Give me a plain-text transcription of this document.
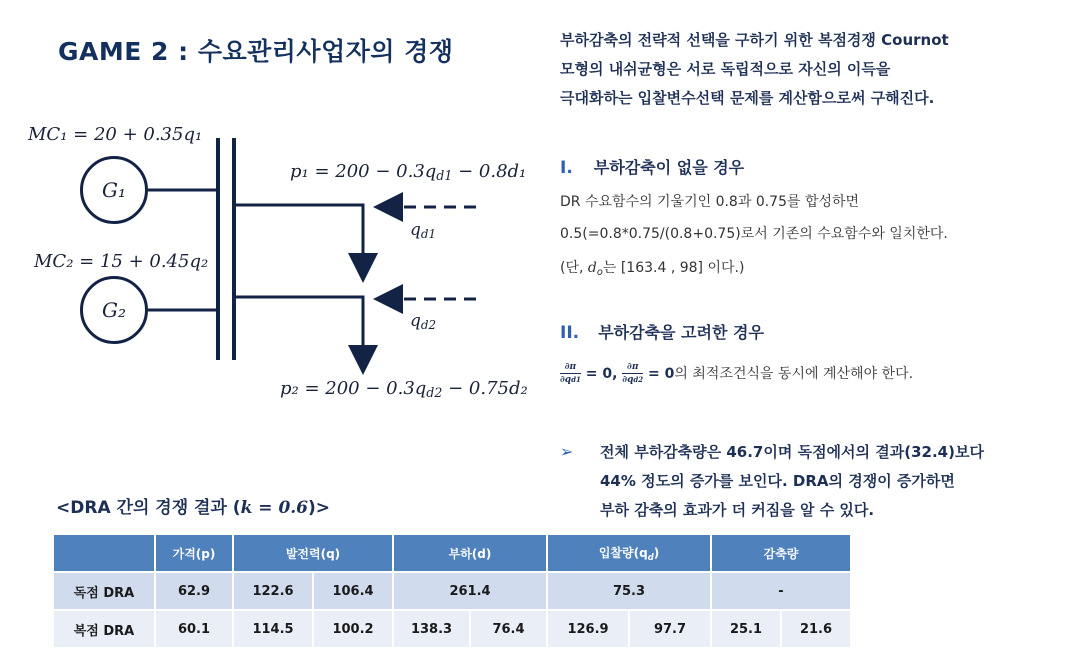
GAME 2 : 수요관리사업자의 경쟁
MC₁ = 20 + 0.35q₁
MC₂ = 15 + 0.45q₂
G₁
G₂
$p_1 = 200 - 0.3q_{d1} - 0.8d_1$
$q_{d1}$
$q_{d2}$
$p_2 = 200 - 0.3q_{d2} - 0.75d_2$
부하감축의 전략적 선택을 구하기 위한 복점경쟁 Cournot
모형의 내쉬균형은 서로 독립적으로 자신의 이득을
극대화하는 입찰변수선택 문제를 계산함으로써 구해진다.
I. 부하감축이 없을 경우
DR 수요함수의 기울기인 0.8과 0.75를 합성하면
0.5(=0.8*0.75/(0.8+0.75)로서 기존의 수요함수와 일치한다.
(단, $d_o$는 [163.4 , 98] 이다.)
II. 부하감축을 고려한 경우
$\frac{\partial\pi}{\partial qd1} = 0$, $\frac{\partial\pi}{\partial qd2} = 0$의 최적조건식을 동시에 계산해야 한다.
➢ 전체 부하감축량은 46.7이며 독점에서의 결과(32.4)보다
44% 정도의 증가를 보인다. DRA의 경쟁이 증가하면
부하 감축의 효과가 더 커짐을 알 수 있다.
<DRA 간의 경쟁 결과 (k = 0.6)>
	가격(p)	발전력(q)		부하(d)		입찰량$(q_d)$		감축량	
독점 DRA	62.9	122.6	106.4	261.4		75.3		-	
복점 DRA	60.1	114.5	100.2	138.3	76.4	126.9	97.7	25.1	21.6
